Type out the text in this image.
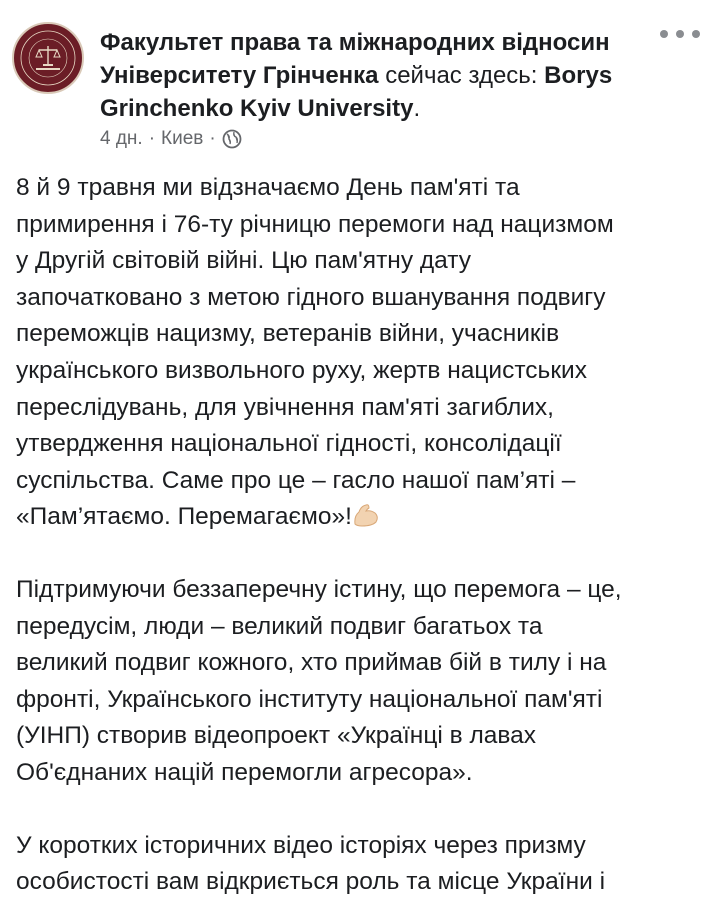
Факультет права та міжнародних відносин Університету Грінченка сейчас здесь: Borys Grinchenko Kyiv University.
4 дн. · Киев ·

8 й 9 травня ми відзначаємо День пам'яті та
примирення і 76-ту річницю перемоги над нацизмом
у Другій світовій війні. Цю пам'ятну дату
започатковано з метою гідного вшанування подвигу
переможців нацизму, ветеранів війни, учасників
українського визвольного руху, жертв нацистських
переслідувань, для увічнення пам'яті загиблих,
утвердження національної гідності, консолідації
суспільства. Саме про це – гасло нашої пам’яті –
«Пам’ятаємо. Перемагаємо»!

Підтримуючи беззаперечну істину, що перемога – це,
передусім, люди – великий подвиг багатьох та
великий подвиг кожного, хто приймав бій в тилу і на
фронті, Українського інституту національної пам'яті
(УІНП) створив відеопроект «Українці в лавах
Об'єднаних націй перемогли агресора».

У коротких історичних відео історіях через призму
особистості вам відкриється роль та місце України і
